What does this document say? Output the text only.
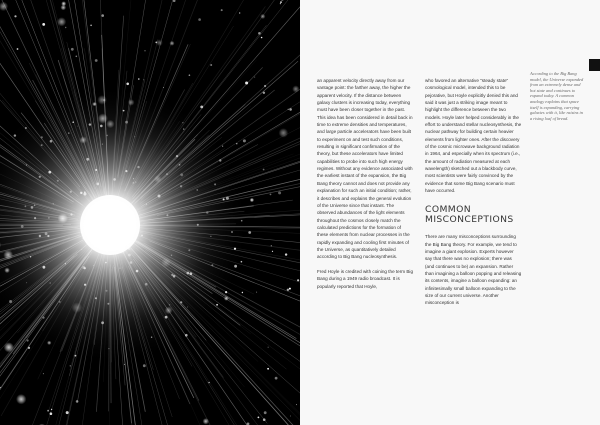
an apparent velocity directly away from our vantage point: the farther away, the higher the apparent velocity. If the distance between galaxy clusters is increasing today, everything must have been closer together in the past. This idea has been considered in detail back in time to extreme densities and temperatures, and large particle accelerators have been built to experiment on and test such conditions, resulting in significant confirmation of the theory, but these accelerators have limited capabilities to probe into such high energy regimes. Without any evidence associated with the earliest instant of the expansion, the Big Bang theory cannot and does not provide any explanation for such an initial condition; rather, it describes and explains the general evolution of the Universe since that instant. The observed abundances of the light elements throughout the cosmos closely match the calculated predictions for the formation of these elements from nuclear processes in the rapidly expanding and cooling first minutes of the Universe, as quantitatively detailed according to Big Bang nucleosynthesis.

Fred Hoyle is credited with coining the term Big Bang during a 1949 radio broadcast. It is popularly reported that Hoyle,

who favored an alternative "steady state" cosmological model, intended this to be pejorative, but Hoyle explicitly denied this and said it was just a striking image meant to highlight the difference between the two models. Hoyle later helped considerably in the effort to understand stellar nucleosynthesis, the nuclear pathway for building certain heavier elements from lighter ones. After the discovery of the cosmic microwave background radiation in 1964, and especially when its spectrum (i.e., the amount of radiation measured at each wavelength) sketched out a blackbody curve, most scientists were fairly convinced by the evidence that some Big Bang scenario must have occurred.

COMMON
MISCONCEPTIONS

There are many misconceptions surrounding the Big Bang theory. For example, we tend to imagine a giant explosion. Experts however say that there was no explosion; there was (and continues to be) an expansion. Rather than imagining a balloon popping and releasing its contents, imagine a balloon expanding: an infinitesimally small balloon expanding to the size of our current universe. Another misconception is

According to the Big Bang model, the Universe expanded from an extremely dense and hot state and continues to expand today. A common analogy explains that space itself is expanding, carrying galaxies with it, like raisins in a rising loaf of bread.
